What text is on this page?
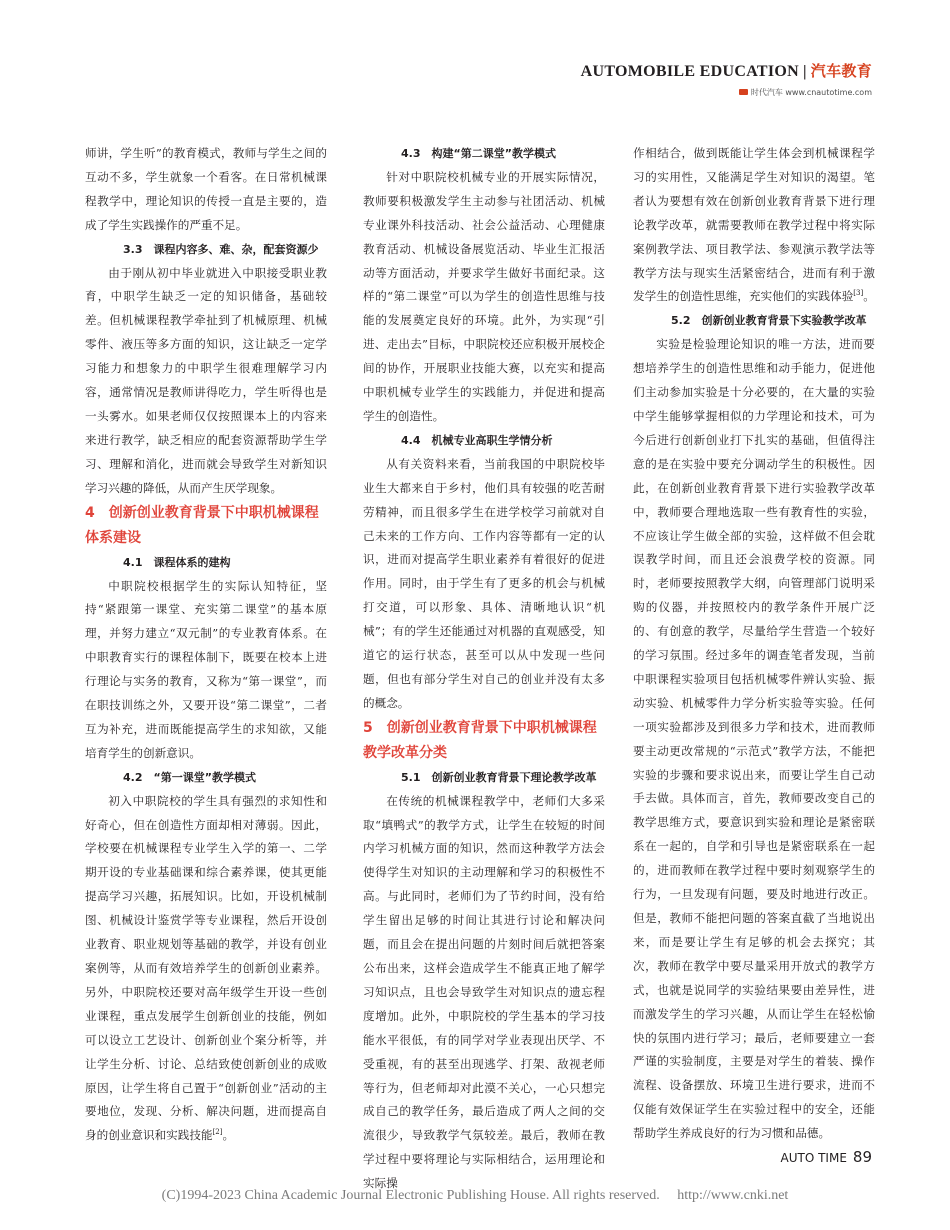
AUTOMOBILE EDUCATION | 汽车教育
时代汽车 www.cnautotime.com

师讲，学生听”的教育模式，教师与学生之间的互动不多，学生就象一个看客。在日常机械课程教学中，理论知识的传授一直是主要的，造成了学生实践操作的严重不足。

3.3　课程内容多、难、杂，配套资源少

由于刚从初中毕业就进入中职接受职业教育，中职学生缺乏一定的知识储备，基础较差。但机械课程教学牵扯到了机械原理、机械零件、液压等多方面的知识，这让缺乏一定学习能力和想象力的中职学生很难理解学习内容，通常情况是教师讲得吃力，学生听得也是一头雾水。如果老师仅仅按照课本上的内容来来进行教学，缺乏相应的配套资源帮助学生学习、理解和消化，进而就会导致学生对新知识学习兴趣的降低，从而产生厌学现象。

4　创新创业教育背景下中职机械课程体系建设

4.1　课程体系的建构

中职院校根据学生的实际认知特征，坚持“紧跟第一课堂、充实第二课堂”的基本原理，并努力建立“双元制”的专业教育体系。在中职教育实行的课程体制下，既要在校本上进行理论与实务的教育，又称为“第一课堂”，而在职技训练之外，又要开设“第二课堂”，二者互为补充，进而既能提高学生的求知欲，又能培育学生的创新意识。

4.2　“第一课堂”教学模式

初入中职院校的学生具有强烈的求知性和好奇心，但在创造性方面却相对薄弱。因此，学校要在机械课程专业学生入学的第一、二学期开设的专业基础课和综合素养课，使其更能提高学习兴趣，拓展知识。比如，开设机械制图、机械设计鉴赏学等专业课程，然后开设创业教育、职业规划等基础的教学，并设有创业案例等，从而有效培养学生的创新创业素养。另外，中职院校还要对高年级学生开设一些创业课程，重点发展学生创新创业的技能，例如可以设立工艺设计、创新创业个案分析等，并让学生分析、讨论、总结致使创新创业的成败原因，让学生将自己置于“创新创业”活动的主要地位，发现、分析、解决问题，进而提高自身的创业意识和实践技能[2]。

4.3　构建“第二课堂”教学模式

针对中职院校机械专业的开展实际情况，教师要积极激发学生主动参与社团活动、机械专业课外科技活动、社会公益活动、心理健康教育活动、机械设备展览活动、毕业生汇报活动等方面活动，并要求学生做好书面纪录。这样的“第二课堂”可以为学生的创造性思维与技能的发展奠定良好的环境。此外，为实现“引进、走出去”目标，中职院校还应积极开展校企间的协作，开展职业技能大赛，以充实和提高中职机械专业学生的实践能力，并促进和提高学生的创造性。

4.4　机械专业高职生学情分析

从有关资料来看，当前我国的中职院校毕业生大都来自于乡村，他们具有较强的吃苦耐劳精神，而且很多学生在进学校学习前就对自己未来的工作方向、工作内容等都有一定的认识，进而对提高学生职业素养有着很好的促进作用。同时，由于学生有了更多的机会与机械打交道，可以形象、具体、清晰地认识“机械”；有的学生还能通过对机器的直观感受，知道它的运行状态，甚至可以从中发现一些问题，但也有部分学生对自己的创业并没有太多的概念。

5　创新创业教育背景下中职机械课程教学改革分类

5.1　创新创业教育背景下理论教学改革

在传统的机械课程教学中，老师们大多采取“填鸭式”的教学方式，让学生在较短的时间内学习机械方面的知识，然而这种教学方法会使得学生对知识的主动理解和学习的积极性不高。与此同时，老师们为了节约时间，没有给学生留出足够的时间让其进行讨论和解决问题，而且会在提出问题的片刻时间后就把答案公布出来，这样会造成学生不能真正地了解学习知识点，且也会导致学生对知识点的遗忘程度增加。此外，中职院校的学生基本的学习技能水平很低，有的同学对学业表现出厌学、不受重视，有的甚至出现逃学、打架、敌视老师等行为，但老师却对此漠不关心，一心只想完成自己的教学任务，最后造成了两人之间的交流很少，导致教学气氛较差。最后，教师在教学过程中要将理论与实际相结合，运用理论和实际操

作相结合，做到既能让学生体会到机械课程学习的实用性，又能满足学生对知识的渴望。笔者认为要想有效在创新创业教育背景下进行理论教学改革，就需要教师在教学过程中将实际案例教学法、项目教学法、参观演示教学法等教学方法与现实生活紧密结合，进而有利于激发学生的创造性思维，充实他们的实践体验[3]。

5.2　创新创业教育背景下实验教学改革

实验是检验理论知识的唯一方法，进而要想培养学生的创造性思维和动手能力，促进他们主动参加实验是十分必要的，在大量的实验中学生能够掌握相似的力学理论和技术，可为今后进行创新创业打下扎实的基础，但值得注意的是在实验中要充分调动学生的积极性。因此，在创新创业教育背景下进行实验教学改革中，教师要合理地选取一些有教育性的实验，不应该让学生做全部的实验，这样做不但会耽误教学时间，而且还会浪费学校的资源。同时，老师要按照教学大纲，向管理部门说明采购的仪器，并按照校内的教学条件开展广泛的、有创意的教学，尽量给学生营造一个较好的学习氛围。经过多年的调查笔者发现，当前中职课程实验项目包括机械零件辨认实验、振动实验、机械零件力学分析实验等实验。任何一项实验都涉及到很多力学和技术，进而教师要主动更改常规的“示范式”教学方法，不能把实验的步骤和要求说出来，而要让学生自己动手去做。具体而言，首先，教师要改变自己的教学思维方式，要意识到实验和理论是紧密联系在一起的，自学和引导也是紧密联系在一起的，进而教师在教学过程中要时刻观察学生的行为，一旦发现有问题，要及时地进行改正。但是，教师不能把问题的答案直截了当地说出来，而是要让学生有足够的机会去探究；其次，教师在教学中要尽量采用开放式的教学方式，也就是说同学的实验结果要由差异性，进而激发学生的学习兴趣，从而让学生在轻松愉快的氛围内进行学习；最后，老师要建立一套严谨的实验制度，主要是对学生的着装、操作流程、设备摆放、环境卫生进行要求，进而不仅能有效保证学生在实验过程中的安全，还能帮助学生养成良好的行为习惯和品德。

AUTO TIME 89
(C)1994-2023 China Academic Journal Electronic Publishing House. All rights reserved.　 http://www.cnki.net
